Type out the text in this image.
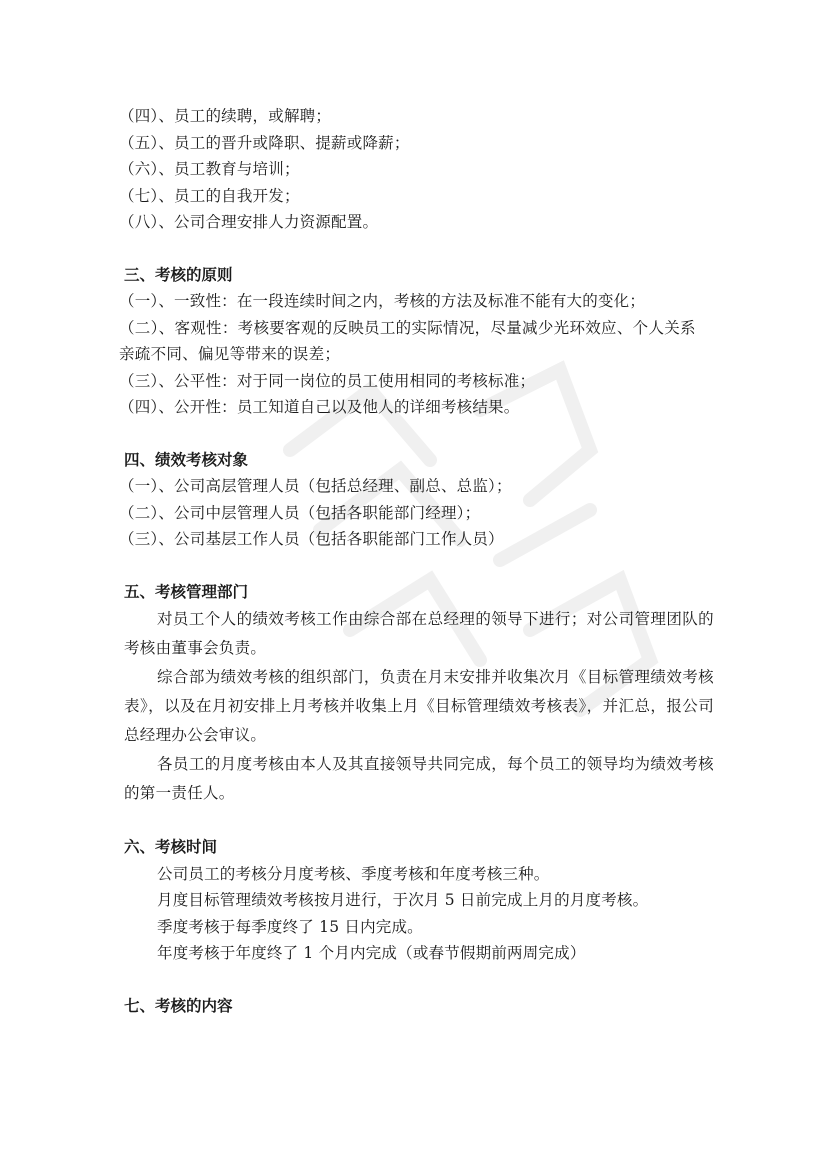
（四）、员工的续聘，或解聘；
（五）、员工的晋升或降职、提薪或降薪；
（六）、员工教育与培训；
（七）、员工的自我开发；
（八）、公司合理安排人力资源配置。
三、考核的原则
（一）、一致性：在一段连续时间之内，考核的方法及标准不能有大的变化；
（二）、客观性：考核要客观的反映员工的实际情况，尽量减少光环效应、个人关系亲疏不同、偏见等带来的误差；
（三）、公平性：对于同一岗位的员工使用相同的考核标准；
（四）、公开性：员工知道自己以及他人的详细考核结果。
四、绩效考核对象
（一）、公司高层管理人员（包括总经理、副总、总监）；
（二）、公司中层管理人员（包括各职能部门经理）；
（三）、公司基层工作人员（包括各职能部门工作人员）
五、考核管理部门
对员工个人的绩效考核工作由综合部在总经理的领导下进行；对公司管理团队的考核由董事会负责。
综合部为绩效考核的组织部门，负责在月末安排并收集次月《目标管理绩效考核表》，以及在月初安排上月考核并收集上月《目标管理绩效考核表》，并汇总，报公司总经理办公会审议。
各员工的月度考核由本人及其直接领导共同完成，每个员工的领导均为绩效考核的第一责任人。
六、考核时间
公司员工的考核分月度考核、季度考核和年度考核三种。
月度目标管理绩效考核按月进行，于次月 5 日前完成上月的月度考核。
季度考核于每季度终了 15 日内完成。
年度考核于年度终了 1 个月内完成（或春节假期前两周完成）
七、考核的内容
